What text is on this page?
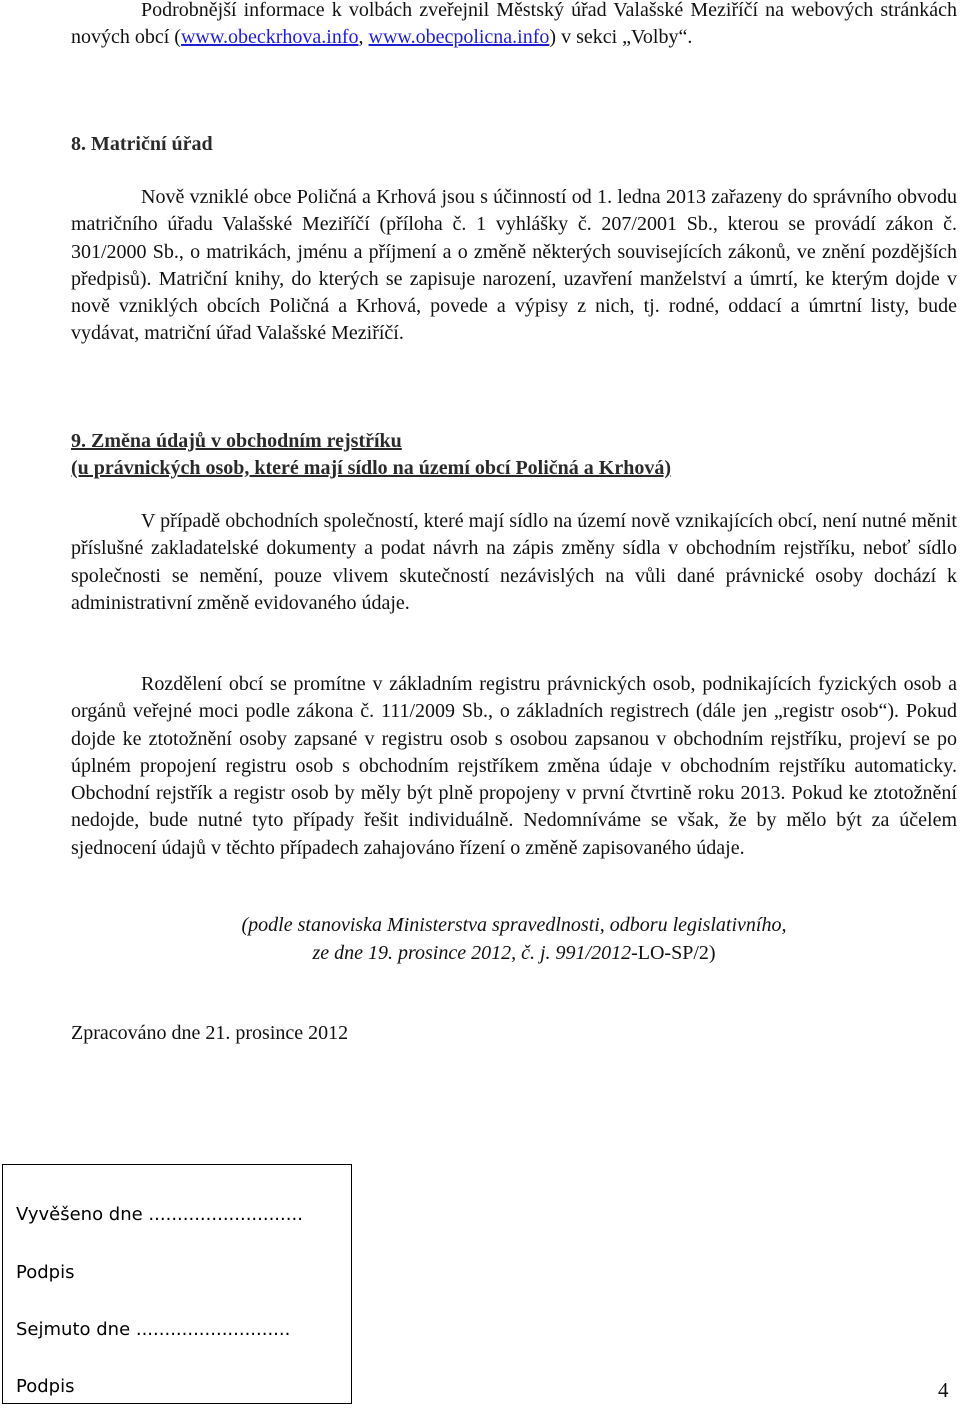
Podrobnější informace k volbách zveřejnil Městský úřad Valašské Meziříčí na webových stránkách nových obcí (www.obeckrhova.info, www.obecpolicna.info) v sekci „Volby“.

8. Matriční úřad

Nově vzniklé obce Poličná a Krhová jsou s účinností od 1. ledna 2013 zařazeny do správního obvodu matričního úřadu Valašské Meziříčí (příloha č. 1 vyhlášky č. 207/2001 Sb., kterou se provádí zákon č. 301/2000 Sb., o matrikách, jménu a příjmení a o změně některých souvisejících zákonů, ve znění pozdějších předpisů). Matriční knihy, do kterých se zapisuje narození, uzavření manželství a úmrtí, ke kterým dojde v nově vzniklých obcích Poličná a Krhová, povede a výpisy z nich, tj. rodné, oddací a úmrtní listy, bude vydávat, matriční úřad Valašské Meziříčí.

9. Změna údajů v obchodním rejstříku
(u právnických osob, které mají sídlo na území obcí Poličná a Krhová)

V případě obchodních společností, které mají sídlo na území nově vznikajících obcí, není nutné měnit příslušné zakladatelské dokumenty a podat návrh na zápis změny sídla v obchodním rejstříku, neboť sídlo společnosti se nemění, pouze vlivem skutečností nezávislých na vůli dané právnické osoby dochází k administrativní změně evidovaného údaje.

Rozdělení obcí se promítne v základním registru právnických osob, podnikajících fyzických osob a orgánů veřejné moci podle zákona č. 111/2009 Sb., o základních registrech (dále jen „registr osob“). Pokud dojde ke ztotožnění osoby zapsané v registru osob s osobou zapsanou v obchodním rejstříku, projeví se po úplném propojení registru osob s obchodním rejstříkem změna údaje v obchodním rejstříku automaticky. Obchodní rejstřík a registr osob by měly být plně propojeny v první čtvrtině roku 2013. Pokud ke ztotožnění nedojde, bude nutné tyto případy řešit individuálně. Nedomníváme se však, že by mělo být za účelem sjednocení údajů v těchto případech zahajováno řízení o změně zapisovaného údaje.

(podle stanoviska Ministerstva spravedlnosti, odboru legislativního,
ze dne 19. prosince 2012, č. j. 991/2012-LO-SP/2)
Zpracováno dne 21. prosince 2012
Vyvěšeno dne ...........................
Podpis
Sejmuto dne ...........................
Podpis	4
